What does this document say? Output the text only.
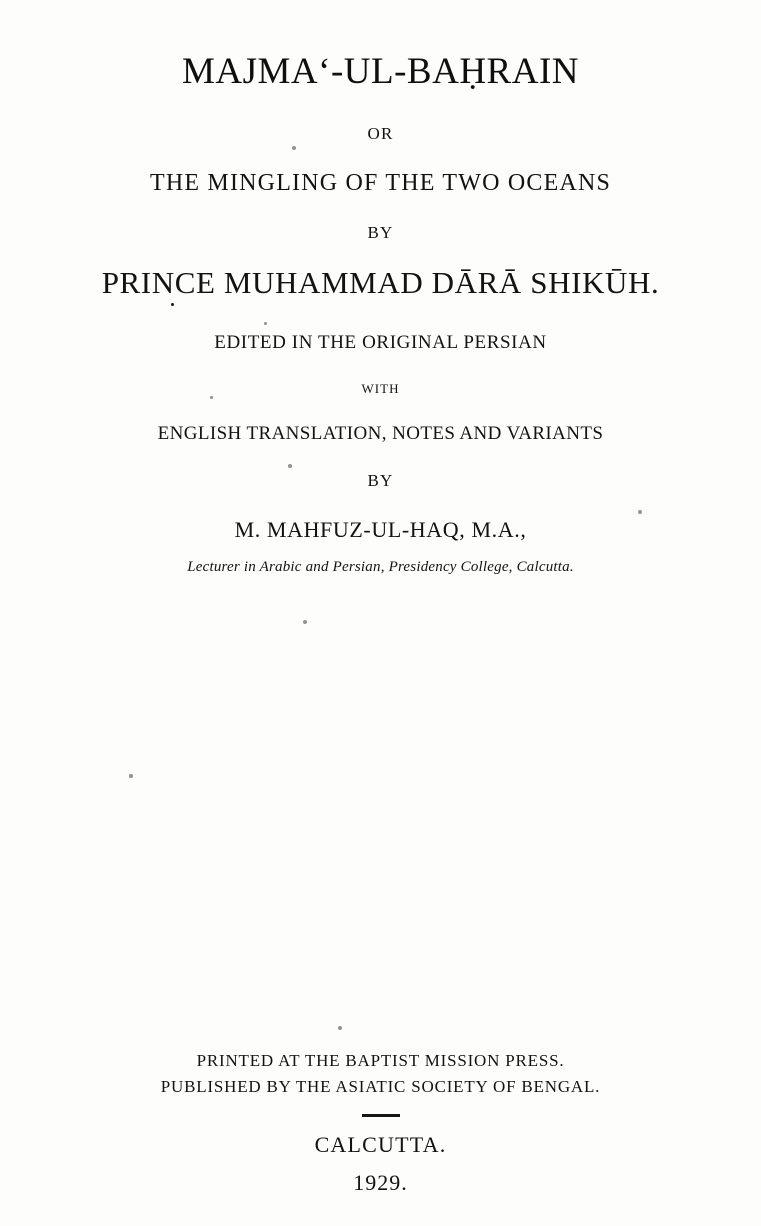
MAJMA‘-UL-BAḤRAIN
OR
THE MINGLING OF THE TWO OCEANS
BY
PRINCE MUHAMMAD DĀRĀ SHIKŪH.
EDITED IN THE ORIGINAL PERSIAN
WITH
ENGLISH TRANSLATION, NOTES AND VARIANTS
BY
M. MAHFUZ-UL-HAQ, M.A.,
Lecturer in Arabic and Persian, Presidency College, Calcutta.
PRINTED AT THE BAPTIST MISSION PRESS.
PUBLISHED BY THE ASIATIC SOCIETY OF BENGAL.
CALCUTTA.
1929.
